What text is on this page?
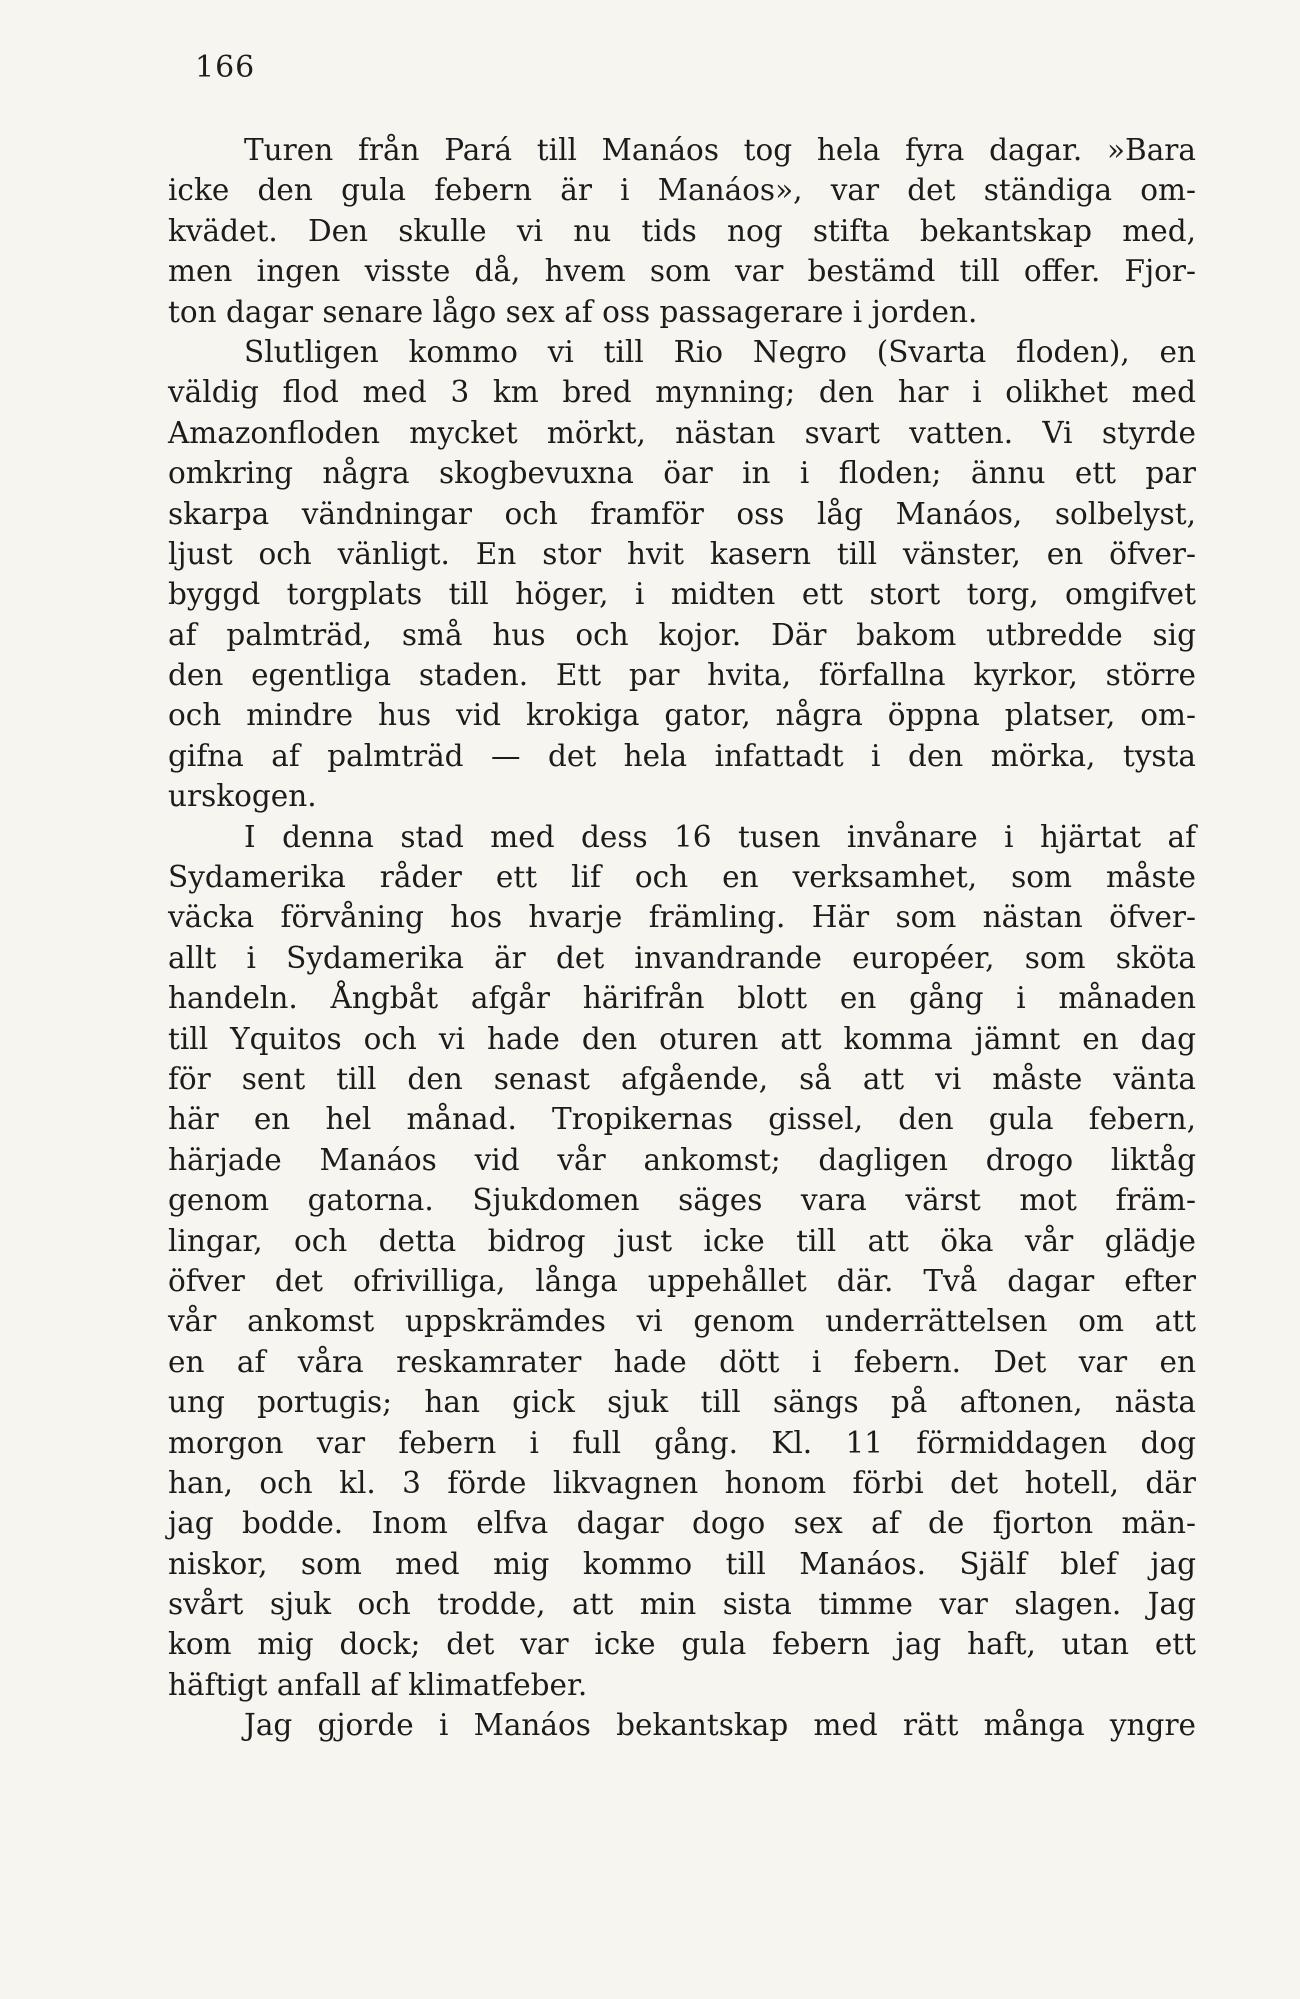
166
Turen från Pará till Manáos tog hela fyra dagar. »Bara
icke den gula febern är i Manáos», var det ständiga om-
kvädet. Den skulle vi nu tids nog stifta bekantskap med,
men ingen visste då, hvem som var bestämd till offer. Fjor-
ton dagar senare lågo sex af oss passagerare i jorden.
Slutligen kommo vi till Rio Negro (Svarta floden), en
väldig flod med 3 km bred mynning; den har i olikhet med
Amazonfloden mycket mörkt, nästan svart vatten. Vi styrde
omkring några skogbevuxna öar in i floden; ännu ett par
skarpa vändningar och framför oss låg Manáos, solbelyst,
ljust och vänligt. En stor hvit kasern till vänster, en öfver-
byggd torgplats till höger, i midten ett stort torg, omgifvet
af palmträd, små hus och kojor. Där bakom utbredde sig
den egentliga staden. Ett par hvita, förfallna kyrkor, större
och mindre hus vid krokiga gator, några öppna platser, om-
gifna af palmträd — det hela infattadt i den mörka, tysta
urskogen.
I denna stad med dess 16 tusen invånare i hjärtat af
Sydamerika råder ett lif och en verksamhet, som måste
väcka förvåning hos hvarje främling. Här som nästan öfver-
allt i Sydamerika är det invandrande européer, som sköta
handeln. Ångbåt afgår härifrån blott en gång i månaden
till Yquitos och vi hade den oturen att komma jämnt en dag
för sent till den senast afgående, så att vi måste vänta
här en hel månad. Tropikernas gissel, den gula febern,
härjade Manáos vid vår ankomst; dagligen drogo liktåg
genom gatorna. Sjukdomen säges vara värst mot främ-
lingar, och detta bidrog just icke till att öka vår glädje
öfver det ofrivilliga, långa uppehållet där. Två dagar efter
vår ankomst uppskrämdes vi genom underrättelsen om att
en af våra reskamrater hade dött i febern. Det var en
ung portugis; han gick sjuk till sängs på aftonen, nästa
morgon var febern i full gång. Kl. 11 förmiddagen dog
han, och kl. 3 förde likvagnen honom förbi det hotell, där
jag bodde. Inom elfva dagar dogo sex af de fjorton män-
niskor, som med mig kommo till Manáos. Själf blef jag
svårt sjuk och trodde, att min sista timme var slagen. Jag
kom mig dock; det var icke gula febern jag haft, utan ett
häftigt anfall af klimatfeber.
Jag gjorde i Manáos bekantskap med rätt många yngre
